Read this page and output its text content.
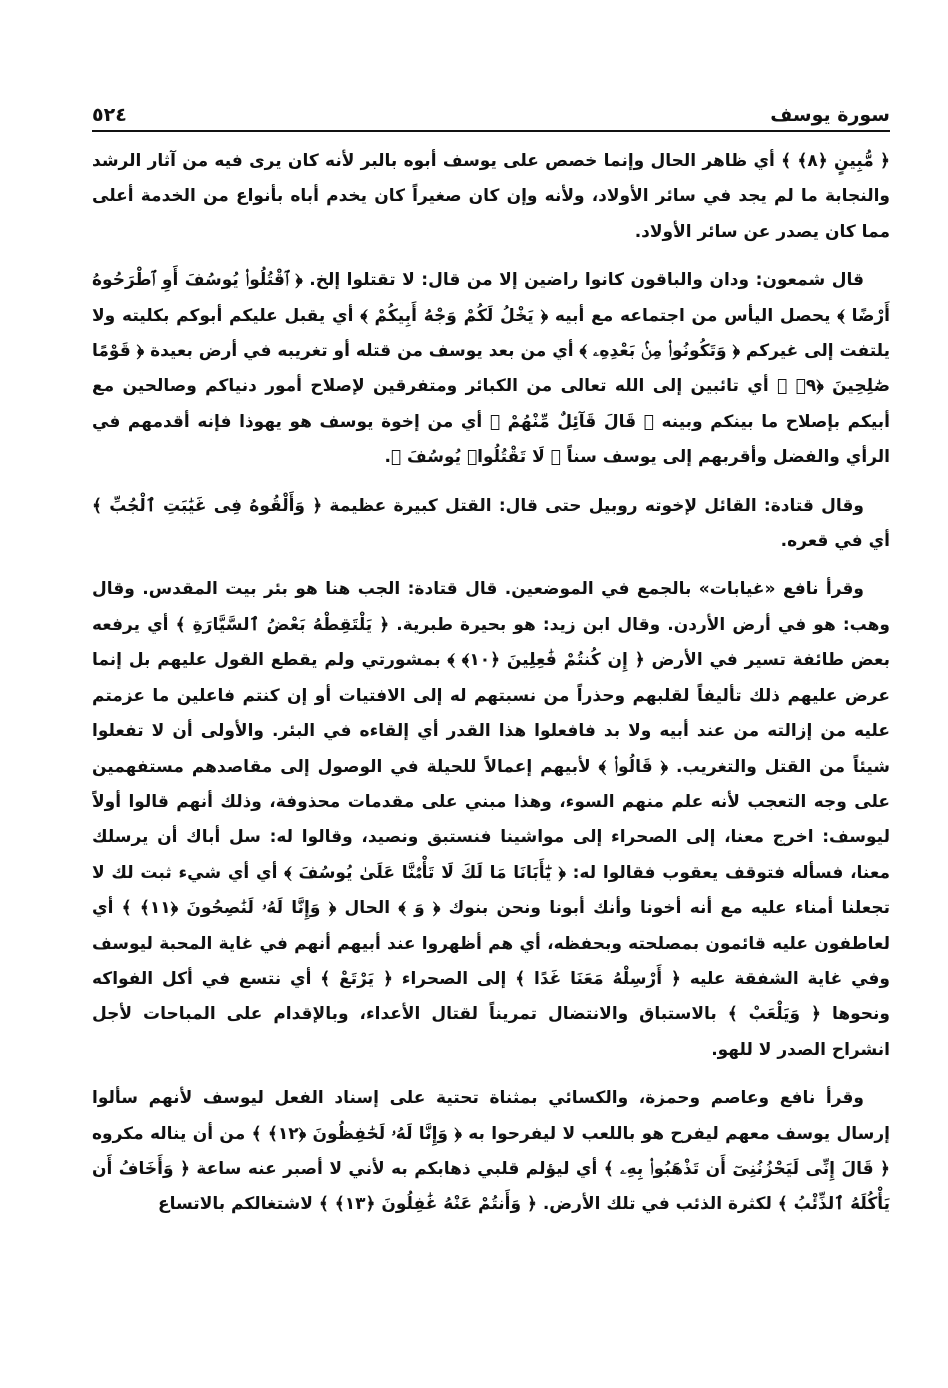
سورة يوسف
٥٢٤

﴿ مُّبِينٍ ﴿٨﴾ ﴾ أي ظاهر الحال وإنما خصص على يوسف أبوه بالبر لأنه كان يرى فيه من آثار الرشد والنجابة ما لم يجد في سائر الأولاد، ولأنه وإن كان صغيراً كان يخدم أباه بأنواع من الخدمة أعلى مما كان يصدر عن سائر الأولاد.

قال شمعون: ودان والباقون كانوا راضين إلا من قال: لا تقتلوا إلخ. ﴿ ٱقْتُلُوا۟ يُوسُفَ أَوِ ٱطْرَحُوهُ أَرْضًا ﴾ يحصل اليأس من اجتماعه مع أبيه ﴿ يَخْلُ لَكُمْ وَجْهُ أَبِيكُمْ ﴾ أي يقبل عليكم أبوكم بكليته ولا يلتفت إلى غيركم ﴿ وَتَكُونُوا۟ مِنۢ بَعْدِهِۦ ﴾ أي من بعد يوسف من قتله أو تغريبه في أرض بعيدة ﴿ قَوْمًا صَٰلِحِينَ ﴿٩﴾ ﴾ أي تائبين إلى الله تعالى من الكبائر ومتفرقين لإصلاح أمور دنياكم وصالحين مع أبيكم بإصلاح ما بينكم وبينه ﴿ قَالَ قَآئِلٌ مِّنْهُمْ ﴾ أي من إخوة يوسف هو يهوذا فإنه أقدمهم في الرأي والفضل وأقربهم إلى يوسف سناً ﴿ لَا تَقْتُلُوا۟ يُوسُفَ ﴾.

وقال قتادة: القائل لإخوته روبيل حتى قال: القتل كبيرة عظيمة ﴿ وَأَلْقُوهُ فِى غَيَٰبَتِ ٱلْجُبِّ ﴾ أي في قعره.

وقرأ نافع «غيابات» بالجمع في الموضعين. قال قتادة: الجب هنا هو بئر بيت المقدس. وقال وهب: هو في أرض الأردن. وقال ابن زيد: هو بحيرة طبرية. ﴿ يَلْتَقِطْهُ بَعْضُ ٱلسَّيَّارَةِ ﴾ أي يرفعه بعض طائفة تسير في الأرض ﴿ إِن كُنتُمْ فَٰعِلِينَ ﴿١٠﴾ ﴾ بمشورتي ولم يقطع القول عليهم بل إنما عرض عليهم ذلك تأليفاً لقلبهم وحذراً من نسبتهم له إلى الافتيات أو إن كنتم فاعلين ما عزمتم عليه من إزالته من عند أبيه ولا بد فافعلوا هذا القدر أي إلقاءه في البئر. والأولى أن لا تفعلوا شيئاً من القتل والتغريب. ﴿ قَالُوا۟ ﴾ لأبيهم إعمالاً للحيلة في الوصول إلى مقاصدهم مستفهمين على وجه التعجب لأنه علم منهم السوء، وهذا مبني على مقدمات محذوفة، وذلك أنهم قالوا أولاً ليوسف: اخرج معنا، إلى الصحراء إلى مواشينا فنستبق ونصيد، وقالوا له: سل أباك أن يرسلك معنا، فسأله فتوقف يعقوب فقالوا له: ﴿ يَٰٓأَبَانَا مَا لَكَ لَا تَأْمَ۫نَّا عَلَىٰ يُوسُفَ ﴾ أي أي شيء ثبت لك لا تجعلنا أمناء عليه مع أنه أخونا وأنك أبونا ونحن بنوك ﴿ وَ ﴾ الحال ﴿ وَإِنَّا لَهُۥ لَنَٰصِحُونَ ﴿١١﴾ ﴾ أي لعاطفون عليه قائمون بمصلحته وبحفظه، أي هم أظهروا عند أبيهم أنهم في غاية المحبة ليوسف وفي غاية الشفقة عليه ﴿ أَرْسِلْهُ مَعَنَا غَدًا ﴾ إلى الصحراء ﴿ يَرْتَعْ ﴾ أي نتسع في أكل الفواكه ونحوها ﴿ وَيَلْعَبْ ﴾ بالاستباق والانتضال تمريناً لقتال الأعداء، وبالإقدام على المباحات لأجل انشراح الصدر لا للهو.

وقرأ نافع وعاصم وحمزة، والكسائي بمثناة تحتية على إسناد الفعل ليوسف لأنهم سألوا إرسال يوسف معهم ليفرح هو باللعب لا ليفرحوا به ﴿ وَإِنَّا لَهُۥ لَحَٰفِظُونَ ﴿١٢﴾ ﴾ من أن يناله مكروه ﴿ قَالَ إِنِّى لَيَحْزُنُنِىٓ أَن تَذْهَبُوا۟ بِهِۦ ﴾ أي ليؤلم قلبي ذهابكم به لأني لا أصبر عنه ساعة ﴿ وَأَخَافُ أَن يَأْكُلَهُ ٱلذِّئْبُ ﴾ لكثرة الذئب في تلك الأرض. ﴿ وَأَنتُمْ عَنْهُ غَٰفِلُونَ ﴿١٣﴾ ﴾ لاشتغالكم بالاتساع
